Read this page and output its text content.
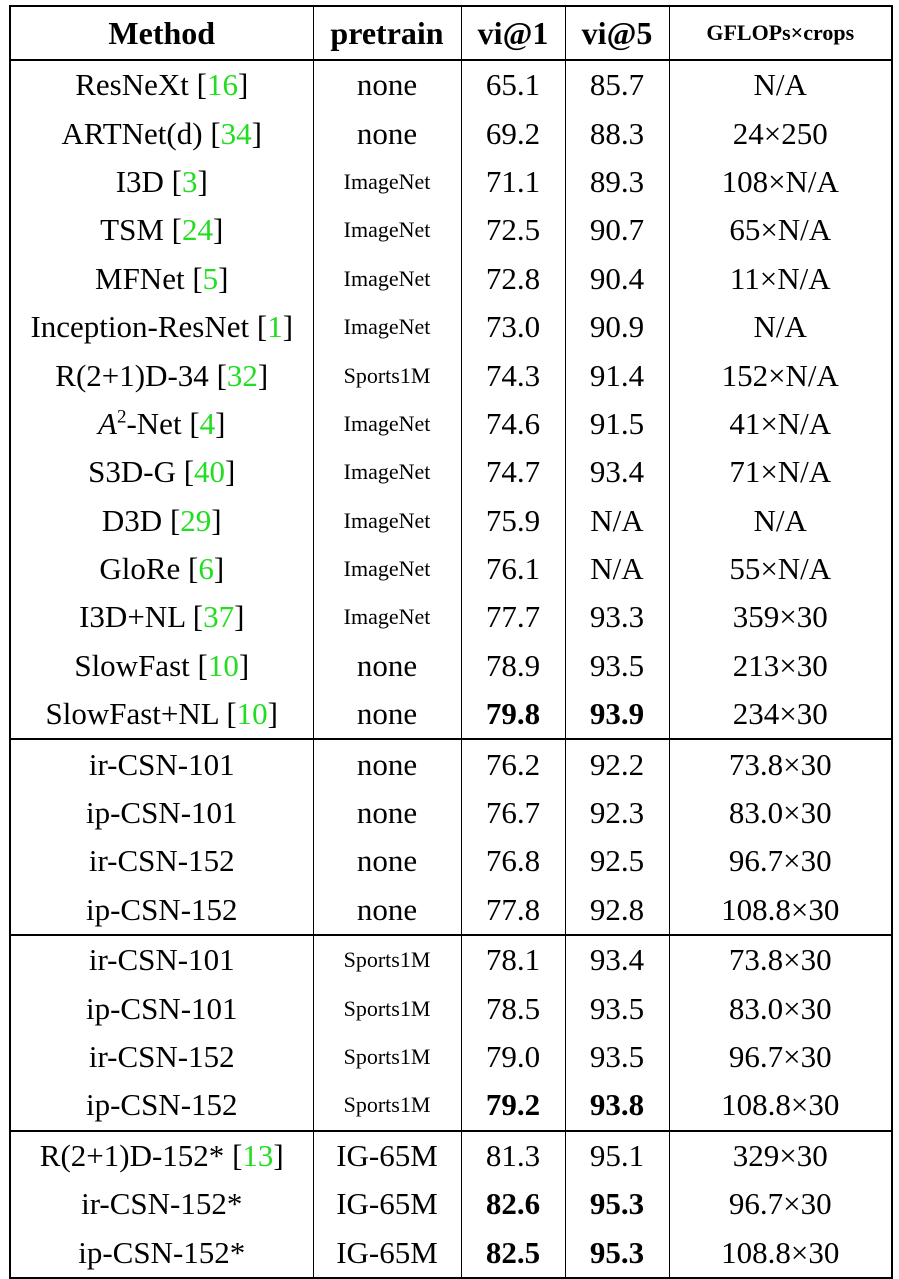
Method	pretrain	vi@1	vi@5	GFLOPs×crops
ResNeXt [16]	none	65.1	85.7	N/A
ARTNet(d) [34]	none	69.2	88.3	24×250
I3D [3]	ImageNet	71.1	89.3	108×N/A
TSM [24]	ImageNet	72.5	90.7	65×N/A
MFNet [5]	ImageNet	72.8	90.4	11×N/A
Inception-ResNet [1]	ImageNet	73.0	90.9	N/A
R(2+1)D-34 [32]	Sports1M	74.3	91.4	152×N/A
$A^2$-Net [4]	ImageNet	74.6	91.5	41×N/A
S3D-G [40]	ImageNet	74.7	93.4	71×N/A
D3D [29]	ImageNet	75.9	N/A	N/A
GloRe [6]	ImageNet	76.1	N/A	55×N/A
I3D+NL [37]	ImageNet	77.7	93.3	359×30
SlowFast [10]	none	78.9	93.5	213×30
SlowFast+NL [10]	none	79.8	93.9	234×30
ir-CSN-101	none	76.2	92.2	73.8×30
ip-CSN-101	none	76.7	92.3	83.0×30
ir-CSN-152	none	76.8	92.5	96.7×30
ip-CSN-152	none	77.8	92.8	108.8×30
ir-CSN-101	Sports1M	78.1	93.4	73.8×30
ip-CSN-101	Sports1M	78.5	93.5	83.0×30
ir-CSN-152	Sports1M	79.0	93.5	96.7×30
ip-CSN-152	Sports1M	79.2	93.8	108.8×30
R(2+1)D-152* [13]	IG-65M	81.3	95.1	329×30
ir-CSN-152*	IG-65M	82.6	95.3	96.7×30
ip-CSN-152*	IG-65M	82.5	95.3	108.8×30
